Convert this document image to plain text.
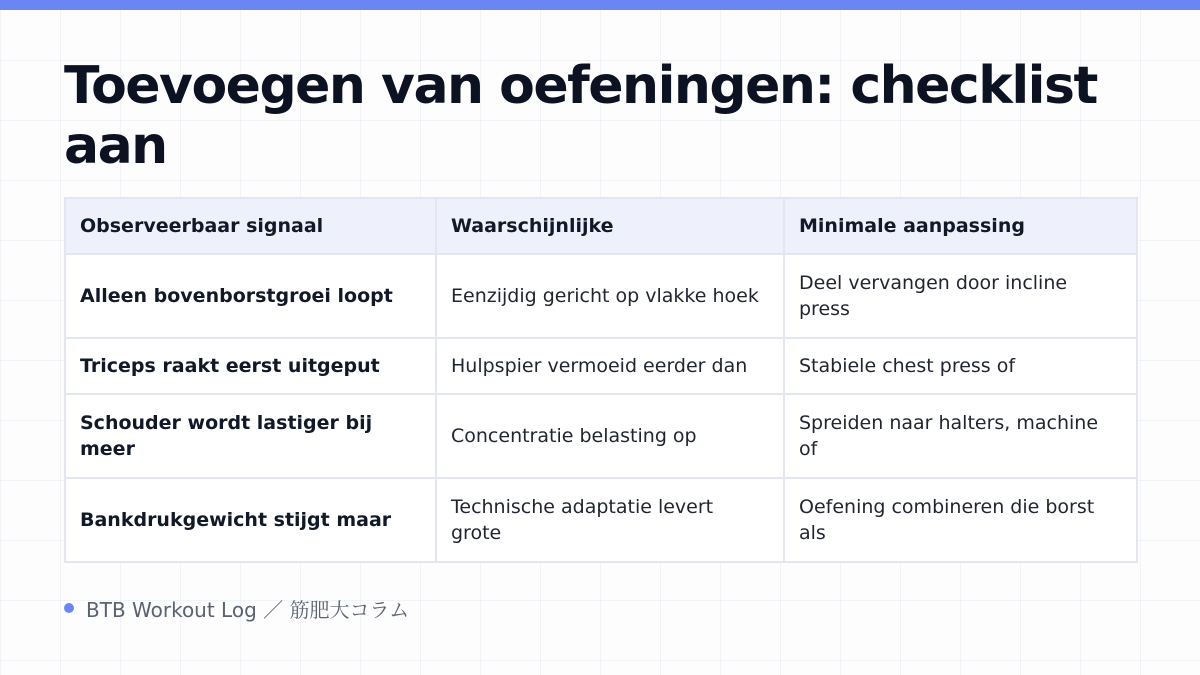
Toevoegen van oefeningen: checklist aan
Observeerbaar signaal	Waarschijnlijke	Minimale aanpassing
Alleen bovenborstgroei loopt	Eenzijdig gericht op vlakke hoek	Deel vervangen door incline press
Triceps raakt eerst uitgeput	Hulpspier vermoeid eerder dan	Stabiele chest press of
Schouder wordt lastiger bij meer	Concentratie belasting op	Spreiden naar halters, machine of
Bankdrukgewicht stijgt maar	Technische adaptatie levert grote	Oefening combineren die borst als
BTB Workout Log ／ 筋肥大コラム
